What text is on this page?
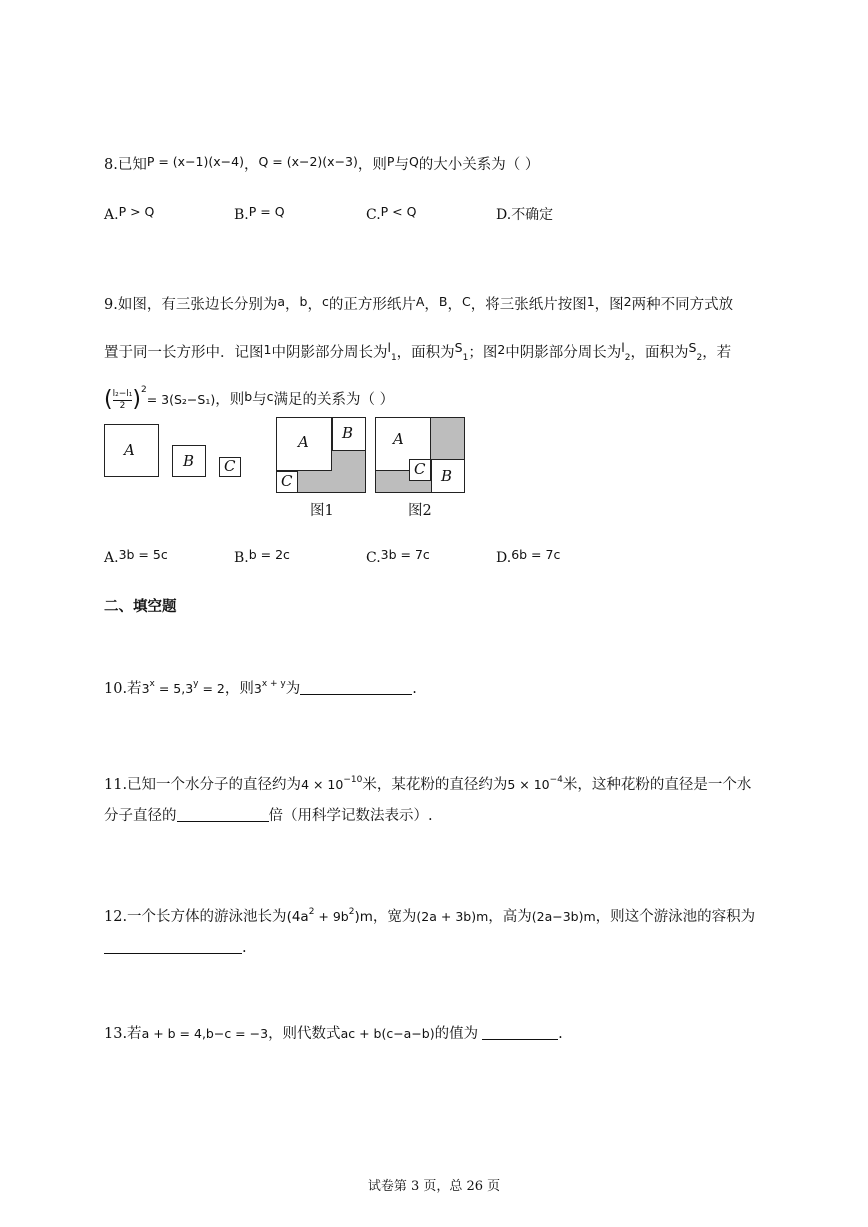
8.已知P = (x−1)(x−4)，Q = (x−2)(x−3)，则P与Q的大小关系为（ ）
A.P > Q	B.P = Q	C.P < Q	D.不确定
9.如图，有三张边长分别为a，b，c的正方形纸片A，B，C，将三张纸片按图1，图2两种不同方式放
置于同一长方形中．记图1中阴影部分周长为$l_1$，面积为$S_1$；图2中阴影部分周长为$l_2$，面积为$S_2$，若
( $\frac{\text{l₂−l₁}}{2} )^2= 3(S_2-S_1)$，则b与c满足的关系为（ ）
A
B C
A B
C
图1
A
B
C
图2
A.3b = 5c	B.b = 2c	C.3b = 7c	D.6b = 7c
二、填空题
10.若$3^x = 5,3^y = 2$，则$3^{x + y}$为	.
11.已知一个水分子的直径约为$4 \times 10^{-10}$米，某花粉的直径约为$5 \times 10^{-4}$米，这种花粉的直径是一个水
分子直径的	倍（用科学记数法表示）.
12.一个长方体的游泳池长为$(4a^2 + 9b^2)m$，宽为(2a + 3b)m，高为(2a−3b)m，则这个游泳池的容积为
.
13.若a + b = 4,b−c = −3，则代数式ac + b(c−a−b)的值为	.
试卷第 3 页，总 26 页
